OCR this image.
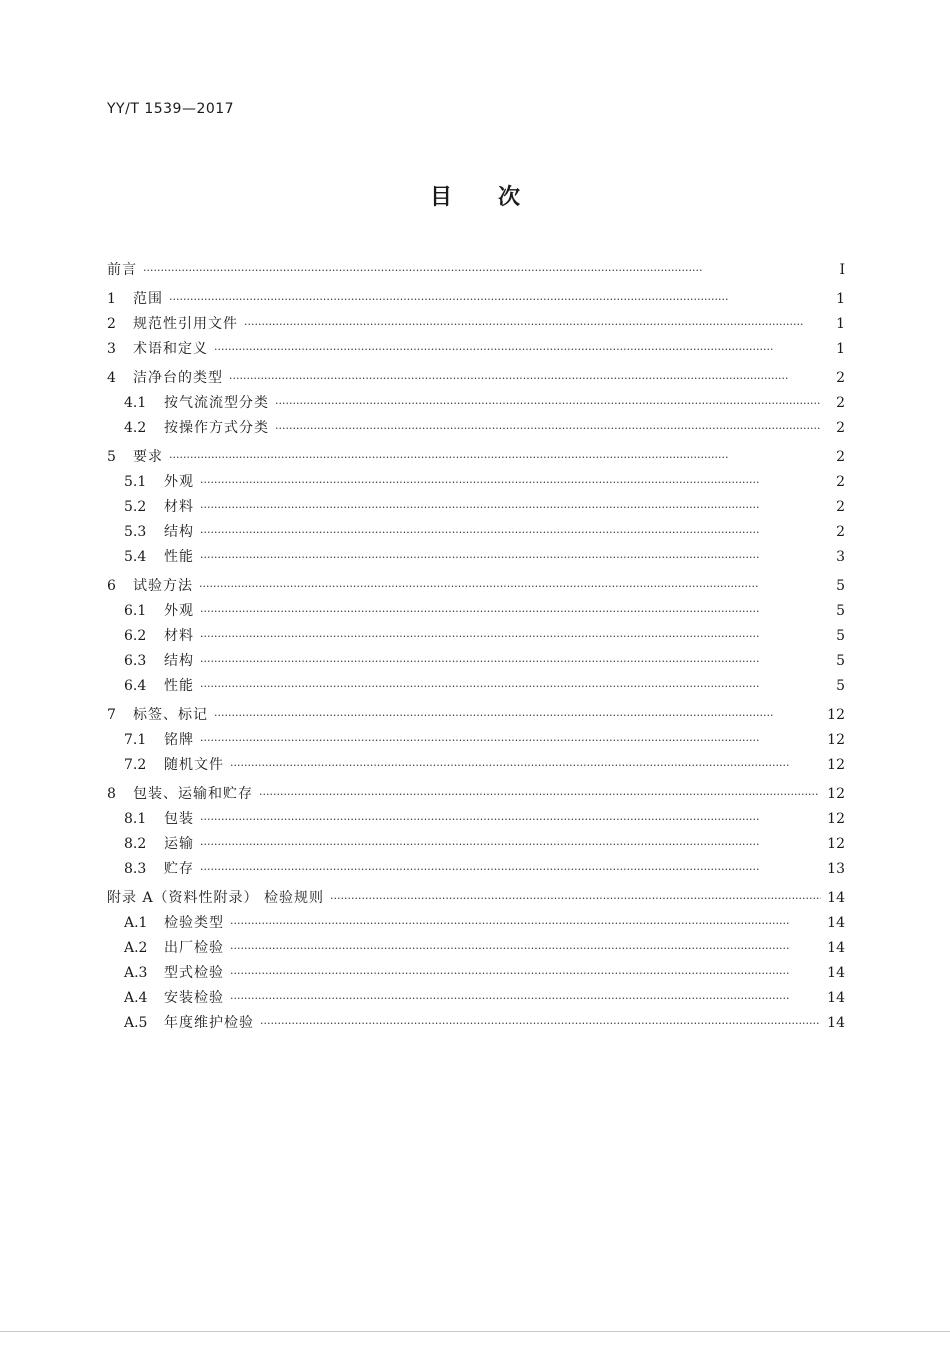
YY/T 1539—2017
目 次
前言 ·····	Ⅰ
1	范围 ·····	1
2	规范性引用文件 ·····	1
3	术语和定义 ·····	1
4	洁净台的类型 ·····	2
4.1	按气流流型分类 ·····	2
4.2	按操作方式分类 ·····	2
5	要求 ·····	2
5.1	外观 ·····	2
5.2	材料 ·····	2
5.3	结构 ·····	2
5.4	性能 ·····	3
6	试验方法 ·····	5
6.1	外观 ·····	5
6.2	材料 ·····	5
6.3	结构 ·····	5
6.4	性能 ·····	5
7	标签、标记 ·····	12
7.1	铭牌 ·····	12
7.2	随机文件 ·····	12
8	包装、运输和贮存 ·····	12
8.1	包装 ·····	12
8.2	运输 ·····	12
8.3	贮存 ·····	13
附录 A（资料性附录） 检验规则 ·····	14
A.1	检验类型 ·····	14
A.2	出厂检验 ·····	14
A.3	型式检验 ·····	14
A.4	安装检验 ·····	14
A.5	年度维护检验 ·····	14
